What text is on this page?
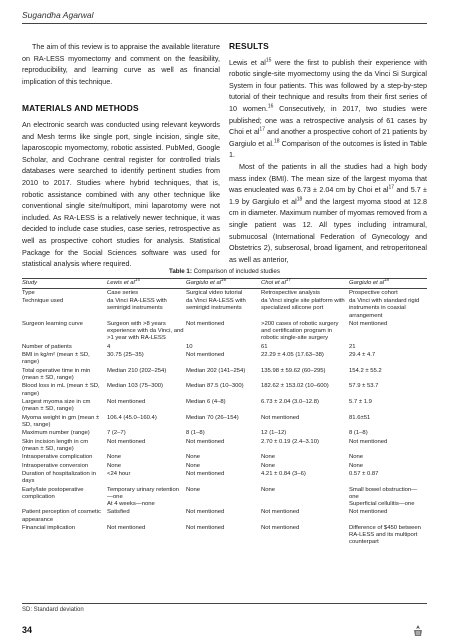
Sugandha Agarwal

The aim of this review is to appraise the available literature on RA-LESS myomectomy and comment on the feasibility, reproducibility, and learning curve as well as financial implication of this technique.

MATERIALS AND METHODS

An electronic search was conducted using relevant keywords and Mesh terms like single port, single incision, single site, laparoscopic myomectomy, robotic assisted. PubMed, Google Scholar, and Cochrane central register for controlled trials databases were searched to identify pertinent studies from 2010 to 2017. Studies where hybrid techniques, that is, robotic assistance combined with any other technique like conventional single site/multiport, mini laparotomy were not included. As RA-LESS is a relatively newer technique, it was decided to include case studies, case series, retrospective as well as prospective cohort studies for analysis. Statistical Package for the Social Sciences software was used for statistical analysis where required.

RESULTS

Lewis et $al^{15}$ were the first to publish their experience with robotic single-site myomectomy using the da Vinci Si Surgical System in four patients. This was followed by a step-by-step tutorial of their technique and results from their first series of 10 women.$^{16}$ Consecutively, in 2017, two studies were published; one was a retrospective analysis of 61 cases by Choi et $al^{17}$ and another a prospective cohort of 21 patients by Gargiulo et al.$^{18}$ Comparison of the outcomes is listed in Table 1.

Most of the patients in all the studies had a high body mass index (BMI). The mean size of the largest myoma that was enucleated was 6.73 ± 2.04 cm by Choi et $al^{17}$ and 5.7 ± 1.9 by Gargiulo et $al^{18}$ and the largest myoma stood at 12.8 cm in diameter. Maximum number of myomas removed from a single patient was 12. All types including intramural, submucosal (International Federation of Gynecology and Obstetrics 2), subserosal, broad ligament, and retroperitoneal as well as anterior,

Table 1: Comparison of included studies
Study	Lewis et $al^{15}$	Gargiulo et $al^{16}$	Choi et $al^{17}$	Gargiulo et $al^{18}$
Type	Case series	Surgical video tutorial	Retrospective analysis	Prospective cohort
Technique used	da Vinci RA-LESS with semirigid instruments	da Vinci RA-LESS with semirigid instruments	da Vinci single site platform with specialized silicone port	da Vinci with standard rigid instruments in coaxial arrangement
Surgeon learning curve	Surgeon with >8 years experience with da Vinci, and >1 year with RA-LESS	Not mentioned	>200 cases of robotic surgery and certification program in robotic single-site surgery	Not mentioned
Number of patients	4	10	61	21
BMI in kg/m² (mean ± SD, range)	30.75 (25–35)	Not mentioned	22.29 ± 4.05 (17.63–38)	29.4 ± 4.7
Total operative time in min (mean ± SD, range)	Median 210 (202–254)	Median 202 (141–254)	135.98 ± 59.62 (60–295)	154.2 ± 55.2
Blood loss in mL (mean ± SD, range)	Median 103 (75–300)	Median 87.5 (10–300)	182.62 ± 153.02 (10–600)	57.9 ± 53.7
Largest myoma size in cm (mean ± SD, range)	Not mentioned	Median 6 (4–8)	6.73 ± 2.04 (3.0–12.8)	5.7 ± 1.9
Myoma weight in gm (mean ± SD, range)	106.4 (45.0–160.4)	Median 70 (26–154)	Not mentioned	81.6±51
Maximum number (range)	7 (2–7)	8 (1–8)	12 (1–12)	8 (1–8)
Skin incision length in cm (mean ± SD, range)	Not mentioned	Not mentioned	2.70 ± 0.19 (2.4–3.10)	Not mentioned
Intraoperative complication	None	None	None	None
Intraoperative conversion	None	None	None	None
Duration of hospitalization in days	<24 hour	Not mentioned	4.21 ± 0.84 (3–6)	0.57 ± 0.87
Early/late postoperative complication	Temporary urinary retention—one
At 4 weeks—none	None	None	Small bowel obstruction—one
Superficial cellulitis—one
Patient perception of cosmetic appearance	Satisfied	Not mentioned	Not mentioned	Not mentioned
Financial implication	Not mentioned	Not mentioned	Not mentioned	Difference of $450 between RA-LESS and its multiport counterpart
SD: Standard deviation
34
